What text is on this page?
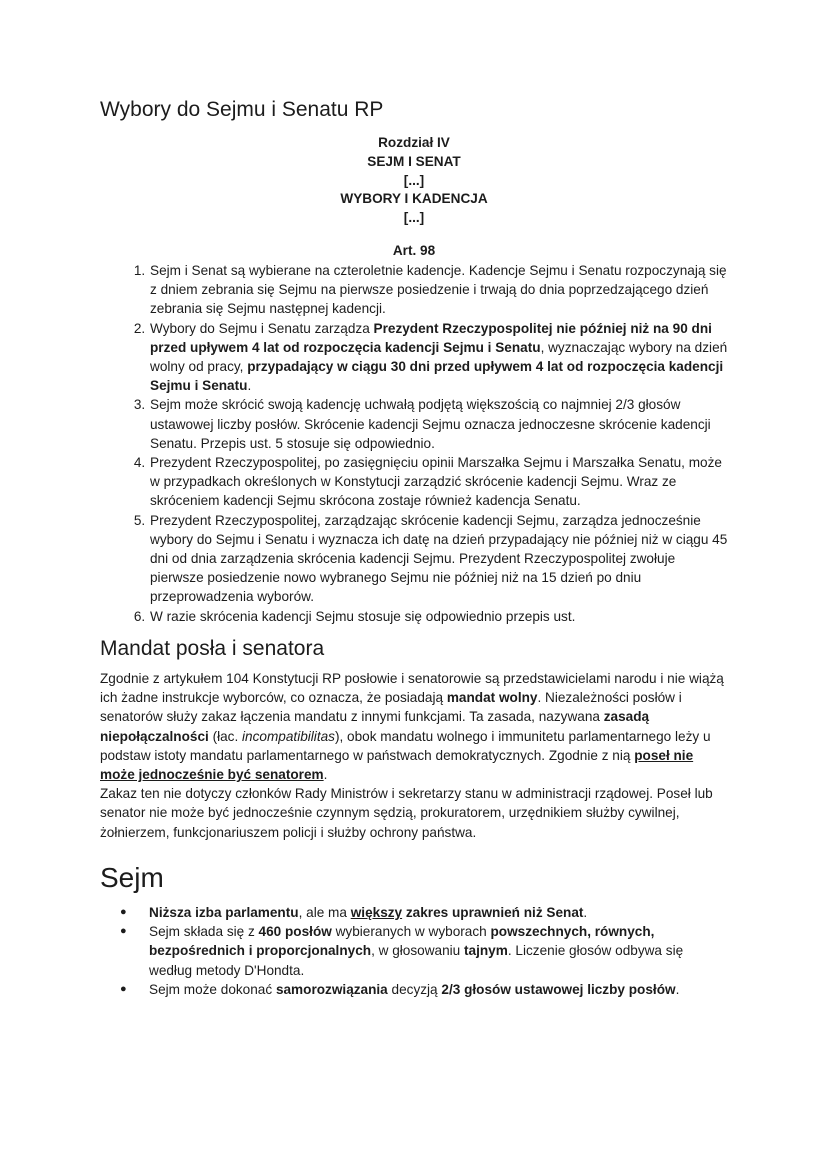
Wybory do Sejmu i Senatu RP
Rozdział IV
SEJM I SENAT
[...]
WYBORY I KADENCJA
[...]
Art. 98
1. Sejm i Senat są wybierane na czteroletnie kadencje. Kadencje Sejmu i Senatu rozpoczynają się z dniem zebrania się Sejmu na pierwsze posiedzenie i trwają do dnia poprzedzającego dzień zebrania się Sejmu następnej kadencji.
2. Wybory do Sejmu i Senatu zarządza Prezydent Rzeczypospolitej nie później niż na 90 dni przed upływem 4 lat od rozpoczęcia kadencji Sejmu i Senatu, wyznaczając wybory na dzień wolny od pracy, przypadający w ciągu 30 dni przed upływem 4 lat od rozpoczęcia kadencji Sejmu i Senatu.
3. Sejm może skrócić swoją kadencję uchwałą podjętą większością co najmniej 2/3 głosów ustawowej liczby posłów. Skrócenie kadencji Sejmu oznacza jednoczesne skrócenie kadencji Senatu. Przepis ust. 5 stosuje się odpowiednio.
4. Prezydent Rzeczypospolitej, po zasięgnięciu opinii Marszałka Sejmu i Marszałka Senatu, może w przypadkach określonych w Konstytucji zarządzić skrócenie kadencji Sejmu. Wraz ze skróceniem kadencji Sejmu skrócona zostaje również kadencja Senatu.
5. Prezydent Rzeczypospolitej, zarządzając skrócenie kadencji Sejmu, zarządza jednocześnie wybory do Sejmu i Senatu i wyznacza ich datę na dzień przypadający nie później niż w ciągu 45 dni od dnia zarządzenia skrócenia kadencji Sejmu. Prezydent Rzeczypospolitej zwołuje pierwsze posiedzenie nowo wybranego Sejmu nie później niż na 15 dzień po dniu przeprowadzenia wyborów.
6. W razie skrócenia kadencji Sejmu stosuje się odpowiednio przepis ust.
Mandat posła i senatora

Zgodnie z artykułem 104 Konstytucji RP posłowie i senatorowie są przedstawicielami narodu i nie wiążą ich żadne instrukcje wyborców, co oznacza, że posiadają mandat wolny. Niezależności posłów i senatorów służy zakaz łączenia mandatu z innymi funkcjami. Ta zasada, nazywana zasadą niepołączalności (łac. incompatibilitas), obok mandatu wolnego i immunitetu parlamentarnego leży u podstaw istoty mandatu parlamentarnego w państwach demokratycznych. Zgodnie z nią poseł nie może jednocześnie być senatorem.

Zakaz ten nie dotyczy członków Rady Ministrów i sekretarzy stanu w administracji rządowej. Poseł lub senator nie może być jednocześnie czynnym sędzią, prokuratorem, urzędnikiem służby cywilnej, żołnierzem, funkcjonariuszem policji i służby ochrony państwa.

Sejm
● Niższa izba parlamentu, ale ma większy zakres uprawnień niż Senat.
● Sejm składa się z 460 posłów wybieranych w wyborach powszechnych, równych, bezpośrednich i proporcjonalnych, w głosowaniu tajnym. Liczenie głosów odbywa się według metody D'Hondta.
● Sejm może dokonać samorozwiązania decyzją 2/3 głosów ustawowej liczby posłów.
